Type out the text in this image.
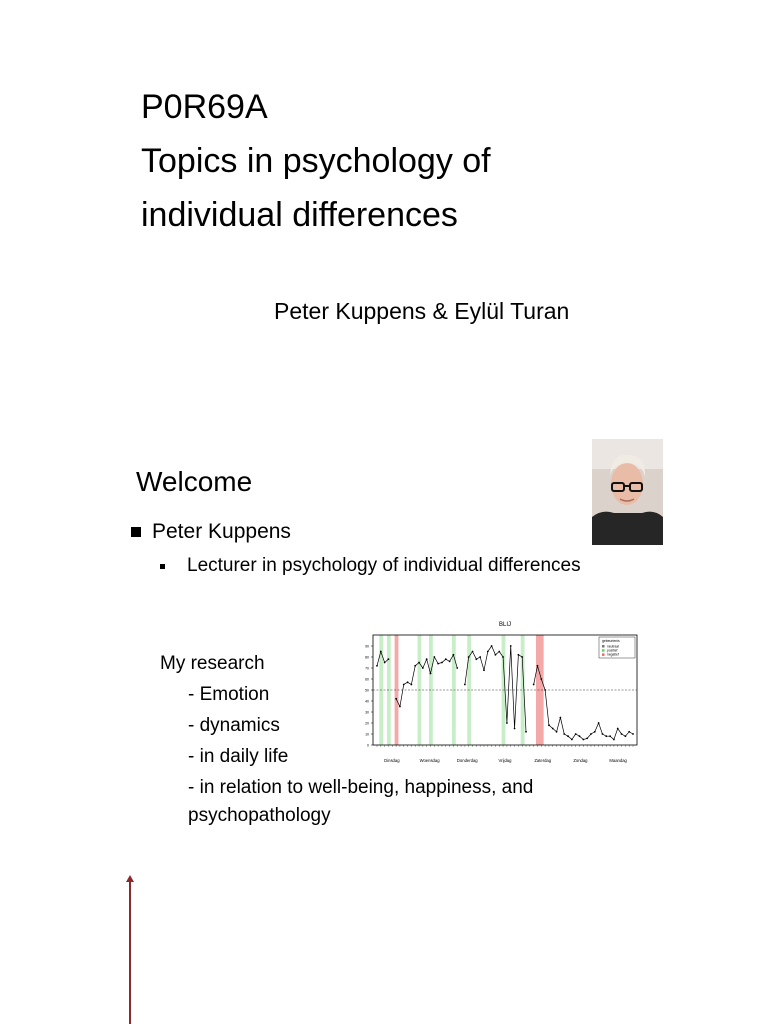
P0R69A
Topics in psychology of individual differences
Peter Kuppens & Eylül Turan
Welcome
Peter Kuppens
Lecturer in psychology of individual differences
My research
- Emotion
- dynamics
- in daily life
- in relation to well-being, happiness, and
psychopathology
BLIJ
0
10
20
30
40
50
60
70
80
90
Dinsdag	Woensdag	Donderdag	Vrijdag	Zaterdag	Zondag	Maandag
gebeurtenis
neutraal
positief
negatief
